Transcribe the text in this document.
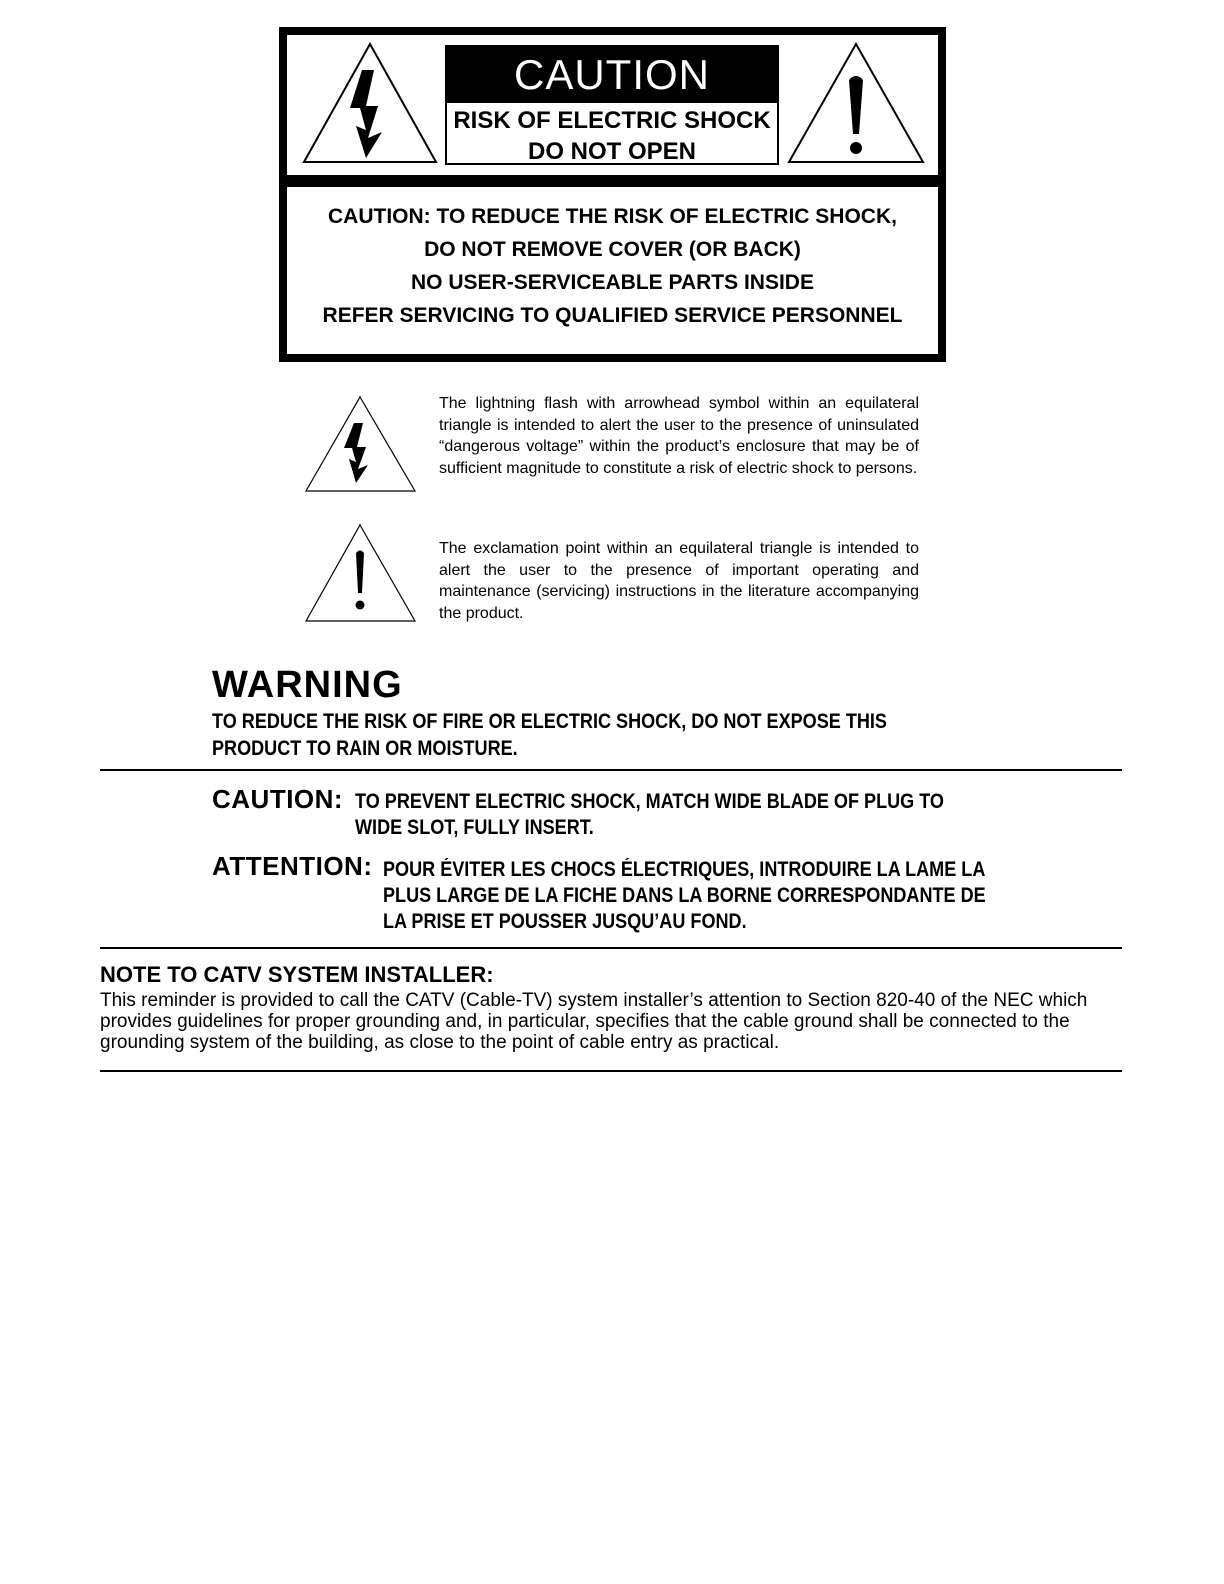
CAUTION
RISK OF ELECTRIC SHOCK
DO NOT OPEN
CAUTION: TO REDUCE THE RISK OF ELECTRIC SHOCK,
DO NOT REMOVE COVER (OR BACK)
NO USER-SERVICEABLE PARTS INSIDE
REFER SERVICING TO QUALIFIED SERVICE PERSONNEL
The lightning flash with arrowhead symbol within an equilateral triangle is intended to alert the user to the presence of uninsulated “dangerous voltage” within the product’s enclosure that may be of sufficient magnitude to constitute a risk of electric shock to persons.
The exclamation point within an equilateral triangle is intended to alert the user to the presence of important operating and maintenance (servicing) instructions in the literature accompanying the product.
WARNING
TO REDUCE THE RISK OF FIRE OR ELECTRIC SHOCK, DO NOT EXPOSE THIS
PRODUCT TO RAIN OR MOISTURE.
CAUTION: TO PREVENT ELECTRIC SHOCK, MATCH WIDE BLADE OF PLUG TO
WIDE SLOT, FULLY INSERT.
ATTENTION: POUR ÉVITER LES CHOCS ÉLECTRIQUES, INTRODUIRE LA LAME LA
PLUS LARGE DE LA FICHE DANS LA BORNE CORRESPONDANTE DE
LA PRISE ET POUSSER JUSQU’AU FOND.
NOTE TO CATV SYSTEM INSTALLER:
This reminder is provided to call the CATV (Cable-TV) system installer’s attention to Section 820-40 of the NEC which
provides guidelines for proper grounding and, in particular, specifies that the cable ground shall be connected to the
grounding system of the building, as close to the point of cable entry as practical.
